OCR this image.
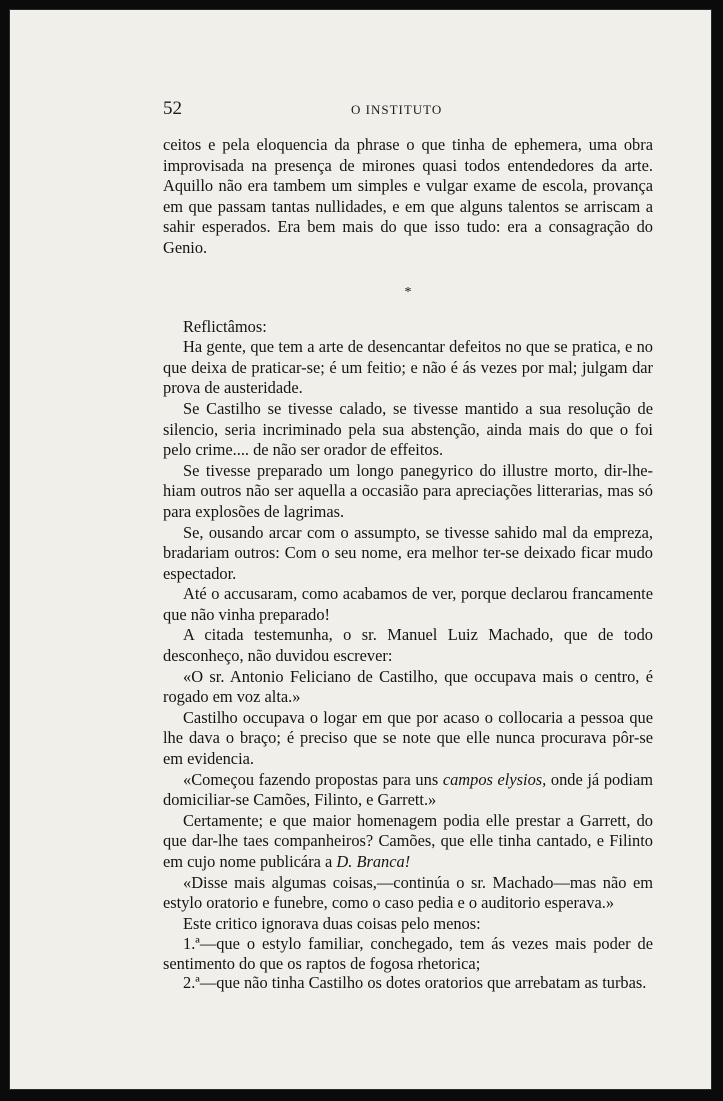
52	O INSTITUTO

ceitos e pela eloquencia da phrase o que tinha de ephemera, uma obra improvisada na presença de mirones quasi todos entendedores da arte. Aquillo não era tambem um simples e vulgar exame de escola, provança em que passam tantas nullidades, e em que alguns talentos se arriscam a sahir esperados. Era bem mais do que isso tudo: era a consagração do Genio.

*

Reflictâmos:

Ha gente, que tem a arte de desencantar defeitos no que se pratica, e no que deixa de praticar-se; é um feitio; e não é ás vezes por mal; julgam dar prova de austeridade.

Se Castilho se tivesse calado, se tivesse mantido a sua resolução de silencio, seria incriminado pela sua abstenção, ainda mais do que o foi pelo crime.... de não ser orador de effeitos.

Se tivesse preparado um longo panegyrico do illustre morto, dir-lhe-hiam outros não ser aquella a occasião para apreciações litterarias, mas só para explosões de lagrimas.

Se, ousando arcar com o assumpto, se tivesse sahido mal da empreza, bradariam outros: Com o seu nome, era melhor ter-se deixado ficar mudo espectador.

Até o accusaram, como acabamos de ver, porque declarou francamente que não vinha preparado!

A citada testemunha, o sr. Manuel Luiz Machado, que de todo desconheço, não duvidou escrever:

«O sr. Antonio Feliciano de Castilho, que occupava mais o centro, é rogado em voz alta.»

Castilho occupava o logar em que por acaso o collocaria a pessoa que lhe dava o braço; é preciso que se note que elle nunca procurava pôr-se em evidencia.

«Começou fazendo propostas para uns campos elysios, onde já podiam domiciliar-se Camões, Filinto, e Garrett.»

Certamente; e que maior homenagem podia elle prestar a Garrett, do que dar-lhe taes companheiros? Camões, que elle tinha cantado, e Filinto em cujo nome publicára a D. Branca!

«Disse mais algumas coisas,—continúa o sr. Machado—mas não em estylo oratorio e funebre, como o caso pedia e o auditorio esperava.»

Este critico ignorava duas coisas pelo menos:

1.ª—que o estylo familiar, conchegado, tem ás vezes mais poder de sentimento do que os raptos de fogosa rhetorica;

2.ª—que não tinha Castilho os dotes oratorios que arrebatam as turbas.
